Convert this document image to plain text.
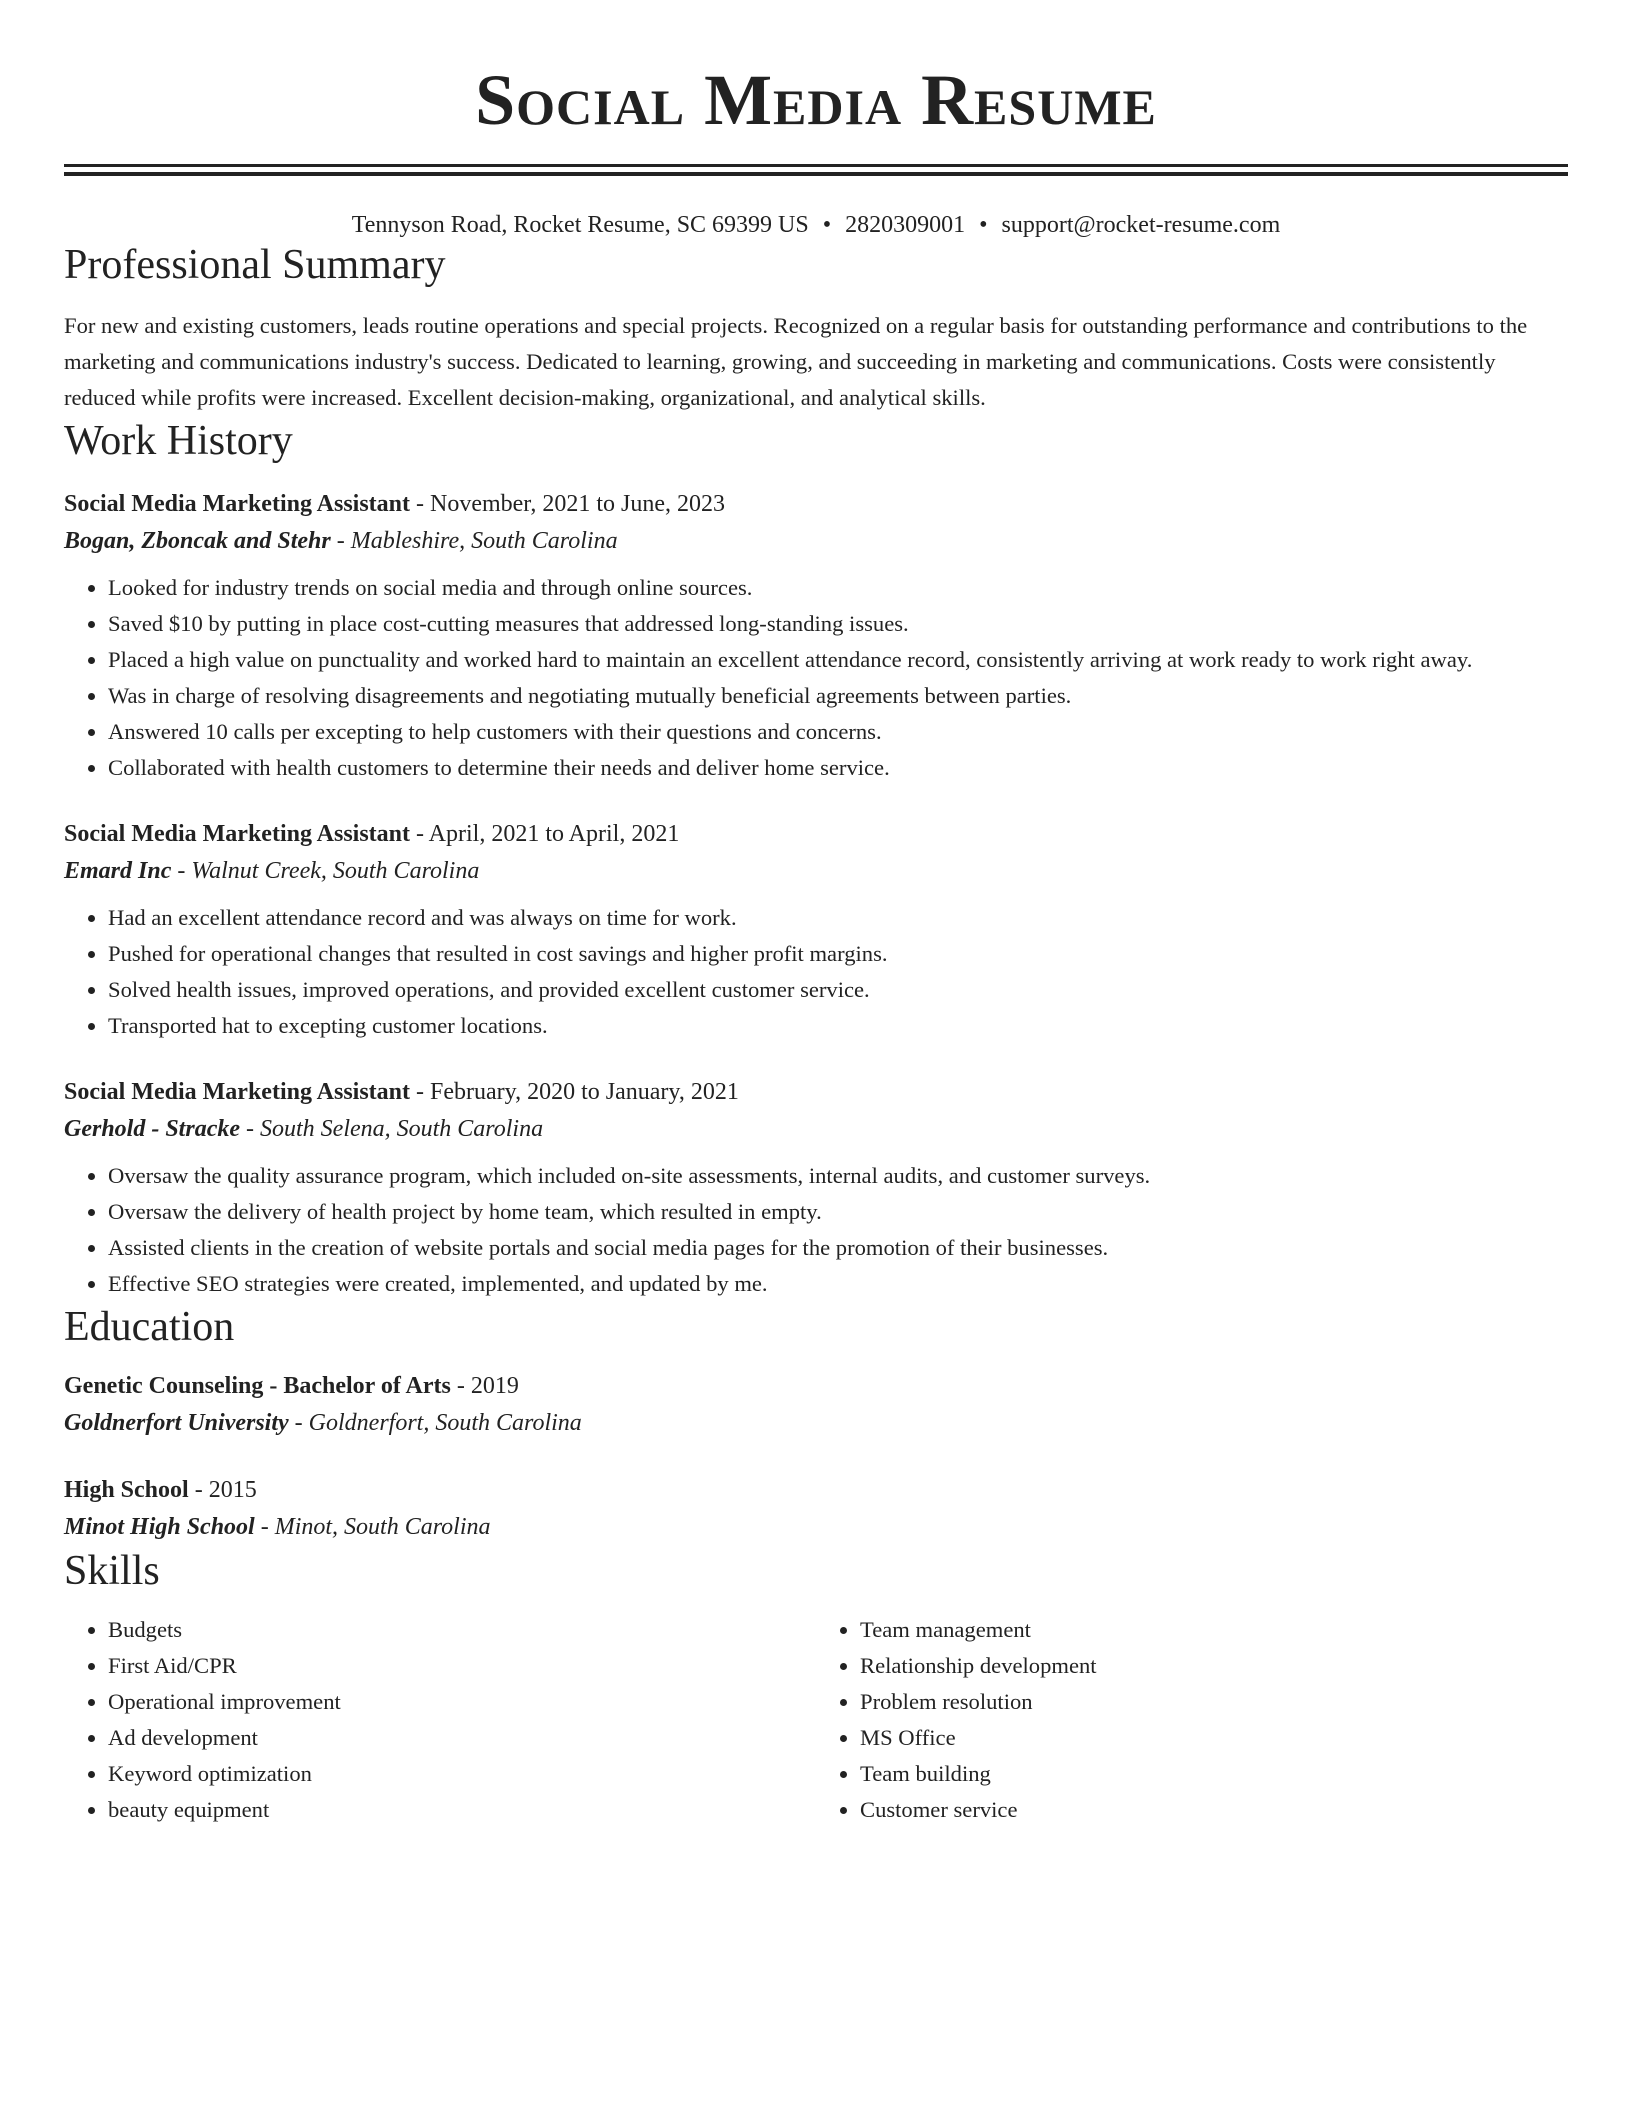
Social Media Resume
Tennyson Road, Rocket Resume, SC 69399 US • 2820309001 • support@rocket-resume.com
Professional Summary
For new and existing customers, leads routine operations and special projects. Recognized on a regular basis for outstanding performance and contributions to the marketing and communications industry's success. Dedicated to learning, growing, and succeeding in marketing and communications. Costs were consistently reduced while profits were increased. Excellent decision-making, organizational, and analytical skills.
Work History
Social Media Marketing Assistant - November, 2021 to June, 2023
Bogan, Zboncak and Stehr - Mableshire, South Carolina
• Looked for industry trends on social media and through online sources.
• Saved $10 by putting in place cost-cutting measures that addressed long-standing issues.
• Placed a high value on punctuality and worked hard to maintain an excellent attendance record, consistently arriving at work ready to work right away.
• Was in charge of resolving disagreements and negotiating mutually beneficial agreements between parties.
• Answered 10 calls per excepting to help customers with their questions and concerns.
• Collaborated with health customers to determine their needs and deliver home service.
Social Media Marketing Assistant - April, 2021 to April, 2021
Emard Inc - Walnut Creek, South Carolina
• Had an excellent attendance record and was always on time for work.
• Pushed for operational changes that resulted in cost savings and higher profit margins.
• Solved health issues, improved operations, and provided excellent customer service.
• Transported hat to excepting customer locations.
Social Media Marketing Assistant - February, 2020 to January, 2021
Gerhold - Stracke - South Selena, South Carolina
• Oversaw the quality assurance program, which included on-site assessments, internal audits, and customer surveys.
• Oversaw the delivery of health project by home team, which resulted in empty.
• Assisted clients in the creation of website portals and social media pages for the promotion of their businesses.
• Effective SEO strategies were created, implemented, and updated by me.
Education
Genetic Counseling - Bachelor of Arts - 2019
Goldnerfort University - Goldnerfort, South Carolina
High School - 2015
Minot High School - Minot, South Carolina
Skills
• Budgets
• First Aid/CPR
• Operational improvement
• Ad development
• Keyword optimization
• beauty equipment
• Team management
• Relationship development
• Problem resolution
• MS Office
• Team building
• Customer service
